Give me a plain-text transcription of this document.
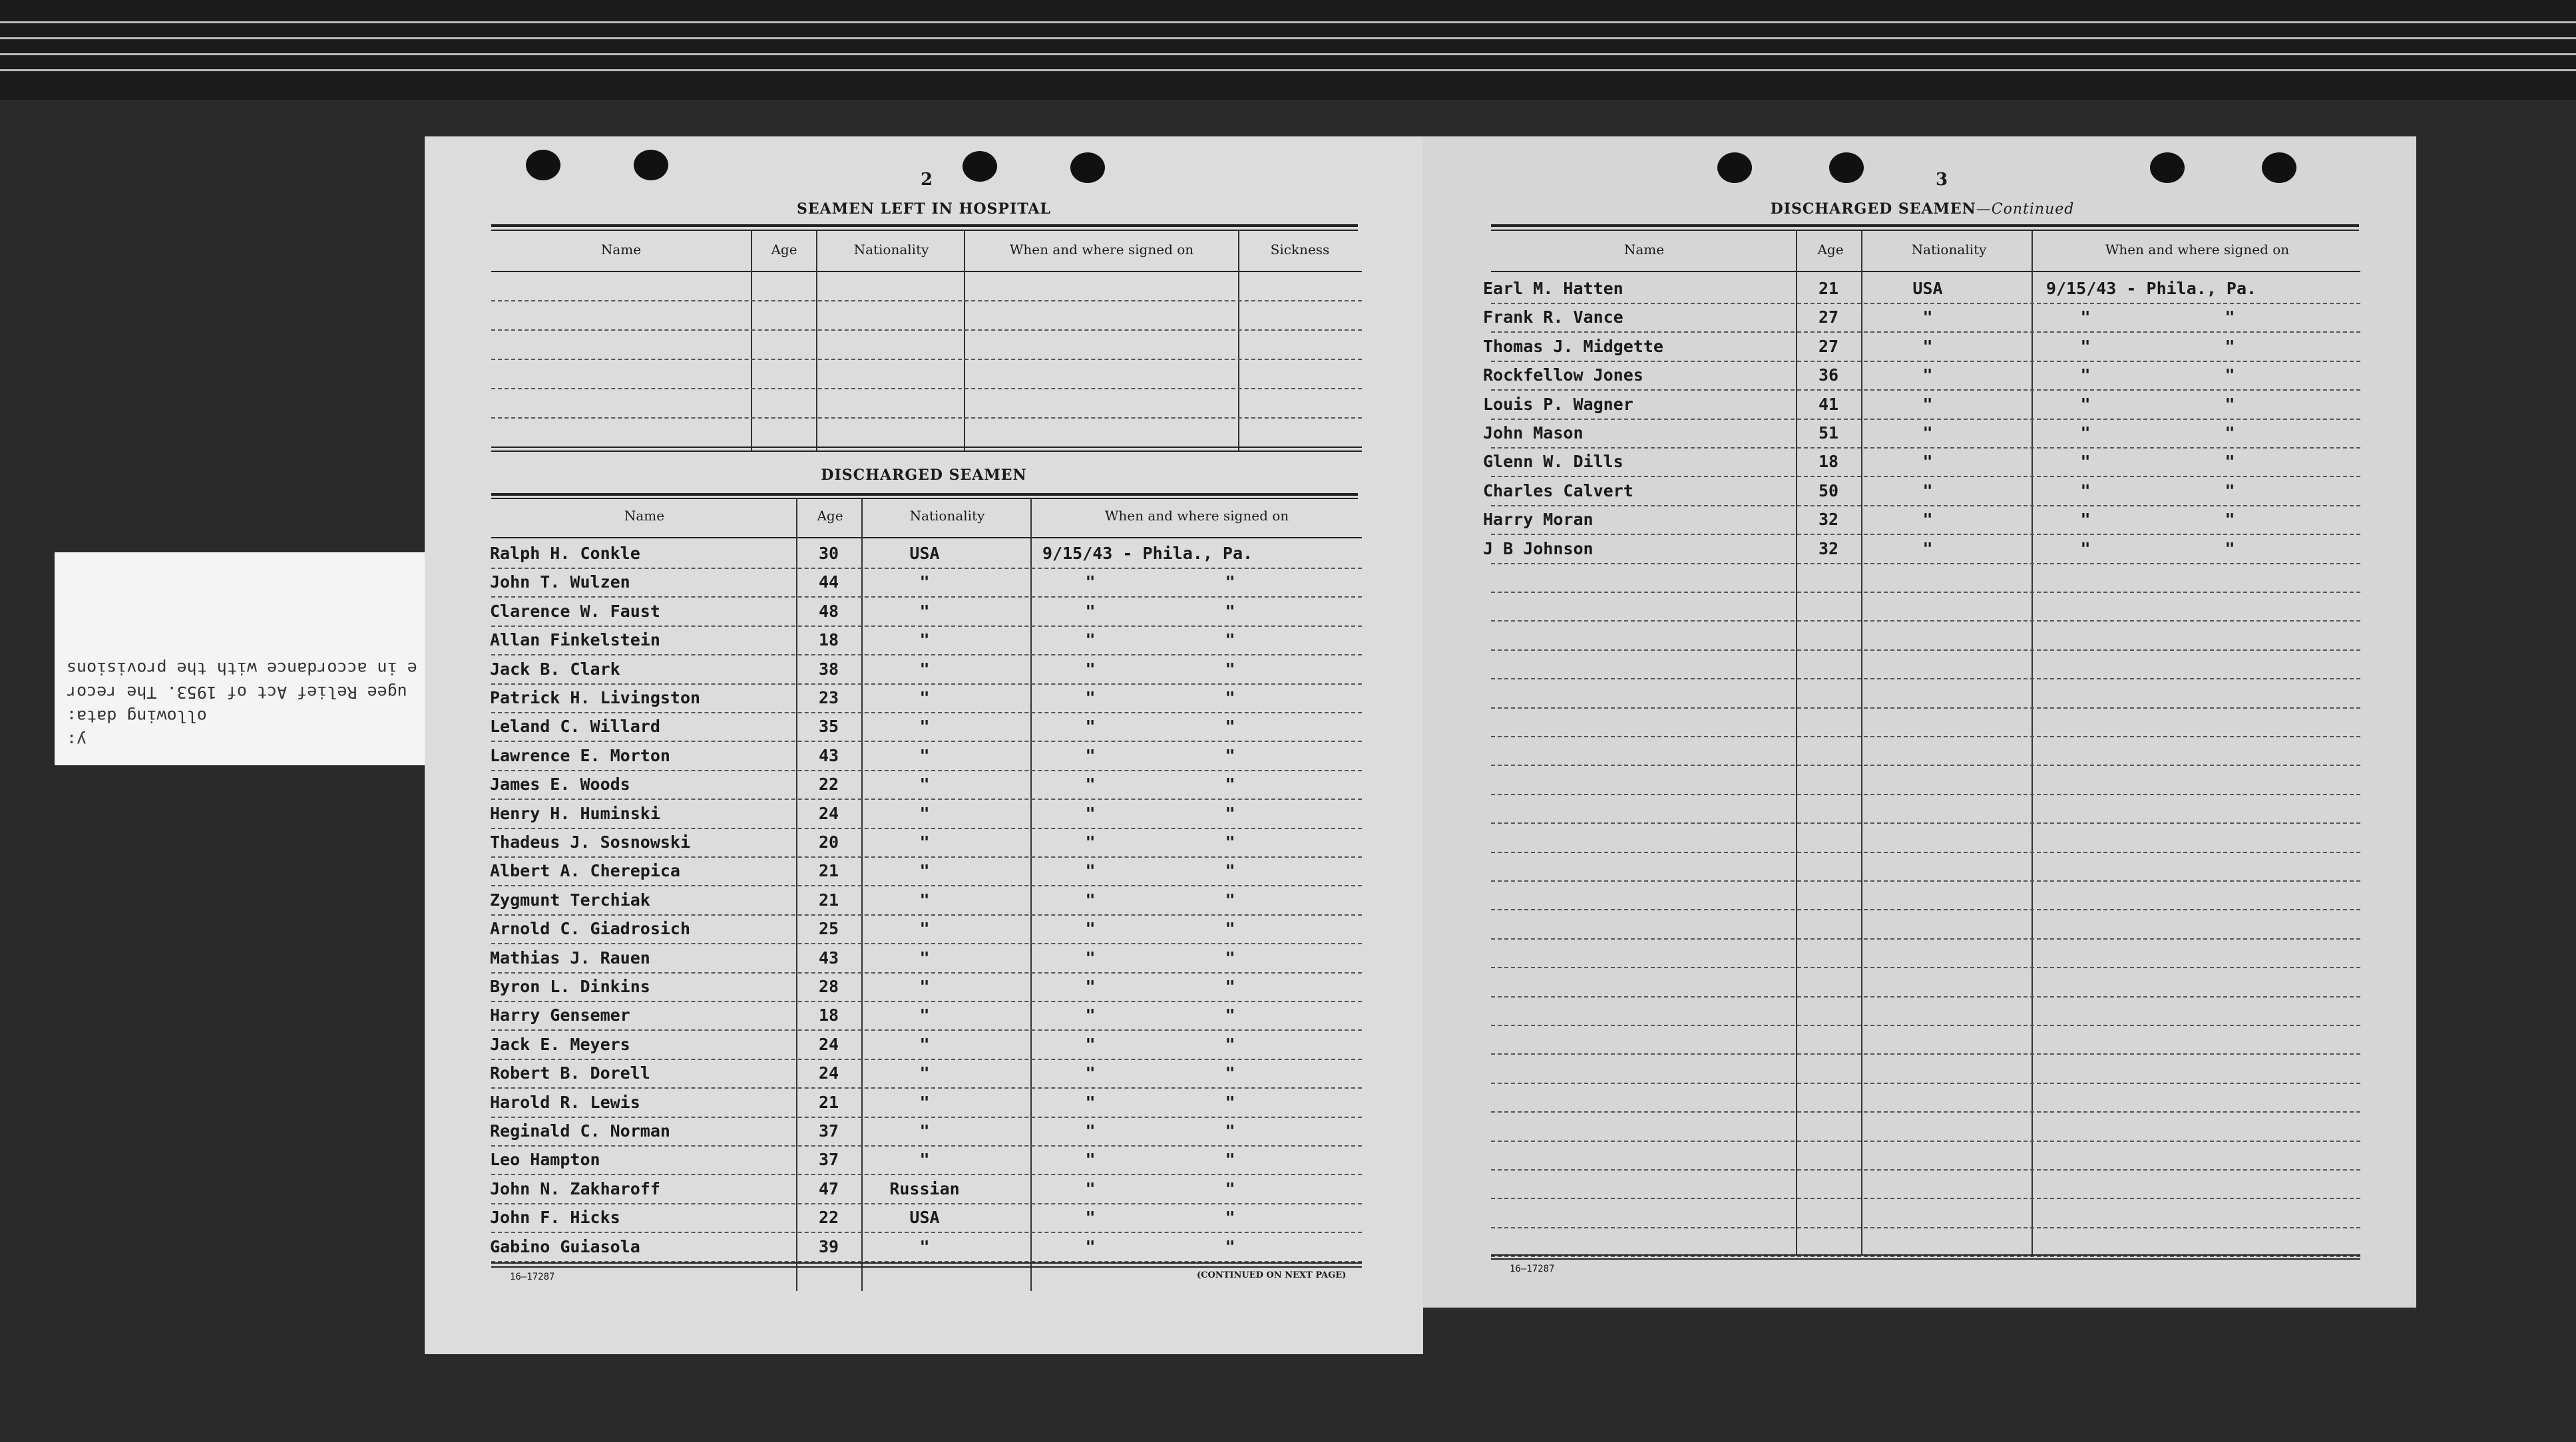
y:
ollowing data:
ugee Relief Act of 1953. The recor
e in accordance with the provisions
2
SEAMEN LEFT IN HOSPITAL
Name	Age	Nationality	When and where signed on	Sickness
DISCHARGED SEAMEN
Name	Age	Nationality	When and where signed on
Ralph H. Conkle	30	USA	9/15/43 - Phila., Pa.
John T. Wulzen	44	"	"	"
Clarence W. Faust	48	"	"	"
Allan Finkelstein	18	"	"	"
Jack B. Clark	38	"	"	"
Patrick H. Livingston	23	"	"	"
Leland C. Willard	35	"	"	"
Lawrence E. Morton	43	"	"	"
James E. Woods	22	"	"	"
Henry H. Huminski	24	"	"	"
Thadeus J. Sosnowski	20	"	"	"
Albert A. Cherepica	21	"	"	"
Zygmunt Terchiak	21	"	"	"
Arnold C. Giadrosich	25	"	"	"
Mathias J. Rauen	43	"	"	"
Byron L. Dinkins	28	"	"	"
Harry Gensemer	18	"	"	"
Jack E. Meyers	24	"	"	"
Robert B. Dorell	24	"	"	"
Harold R. Lewis	21	"	"	"
Reginald C. Norman	37	"	"	"
Leo Hampton	37	"	"	"
John N. Zakharoff	47	Russian	"	"
John F. Hicks	22	USA	"	"
Gabino Guiasola	39	"	"	"
16—17287	(CONTINUED ON NEXT PAGE)
3
DISCHARGED SEAMEN—Continued
Name	Age	Nationality	When and where signed on
Earl M. Hatten	21	USA	9/15/43 - Phila., Pa.
Frank R. Vance	27	"	"	"
Thomas J. Midgette	27	"	"	"
Rockfellow Jones	36	"	"	"
Louis P. Wagner	41	"	"	"
John Mason	51	"	"	"
Glenn W. Dills	18	"	"	"
Charles Calvert	50	"	"	"
Harry Moran	32	"	"	"
J B Johnson	32	"	"	"
16—17287
